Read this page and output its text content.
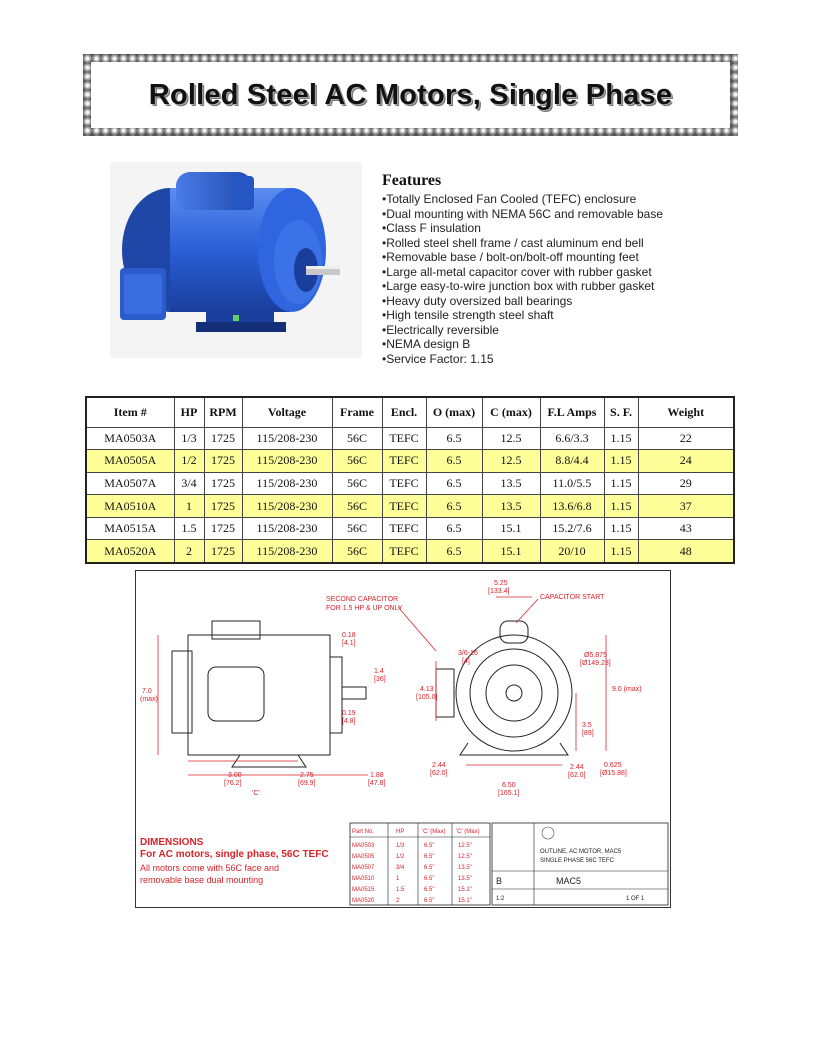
Rolled Steel AC Motors, Single Phase
Features
• Totally Enclosed Fan Cooled (TEFC) enclosure
• Dual mounting with NEMA 56C and removable base
• Class F insulation
• Rolled steel shell frame / cast aluminum end bell
• Removable base / bolt-on/bolt-off mounting feet
• Large all-metal capacitor cover with rubber gasket
• Large easy-to-wire junction box with rubber gasket
• Heavy duty oversized ball bearings
• High tensile strength steel shaft
• Electrically reversible
• NEMA design B
• Service Factor: 1.15
Item #	HP	RPM	Voltage	Frame	Encl.	O (max)	C (max)	F.L Amps	S. F.	Weight
MA0503A	1/3	1725	115/208-230	56C	TEFC	6.5	12.5	6.6/3.3	1.15	22
MA0505A	1/2	1725	115/208-230	56C	TEFC	6.5	12.5	8.8/4.4	1.15	24
MA0507A	3/4	1725	115/208-230	56C	TEFC	6.5	13.5	11.0/5.5	1.15	29
MA0510A	1	1725	115/208-230	56C	TEFC	6.5	13.5	13.6/6.8	1.15	37
MA0515A	1.5	1725	115/208-230	56C	TEFC	6.5	15.1	15.2/7.6	1.15	43
MA0520A	2	1725	115/208-230	56C	TEFC	6.5	15.1	20/10	1.15	48
SECOND CAPACITOR
FOR 1.5 HP & UP ONLY
CAPACITOR START
5.25
[133.4]
0.18
[4.1]
1.4
[36]
0.19
[4.8]
7.0
(max)
4.13
[105.0]
3/6-16
[4]
Ø5.875
[Ø149.23]
9.0 (max)
3.5
[89]
0.625
[Ø15.88]
3.00
[76.2]
2.75
[69.9]
1.88
[47.8]
'C'
2.44
[62.0]
2.44
[62.0]
6.50
[165.1]
DIMENSIONS
For AC motors, single phase, 56C TEFC
All motors come with 56C face and
removable base dual mounting
Part No.	HP	'C' (Max) 'C' (Max)
MA0503	1/3	6.5"	12.5"
MA0505	1/2	6.5"	12.5"
MA0507	3/4	6.5"	13.5"
MA0510	1	6.5"	13.5"
MA0515	1.5	6.5"	15.1"
MA0520	2	6.5"	15.1"
OUTLINE, AC MOTOR, MAC5
SINGLE PHASE 56C TEFC
B	MAC5
1:2	1 OF 1
